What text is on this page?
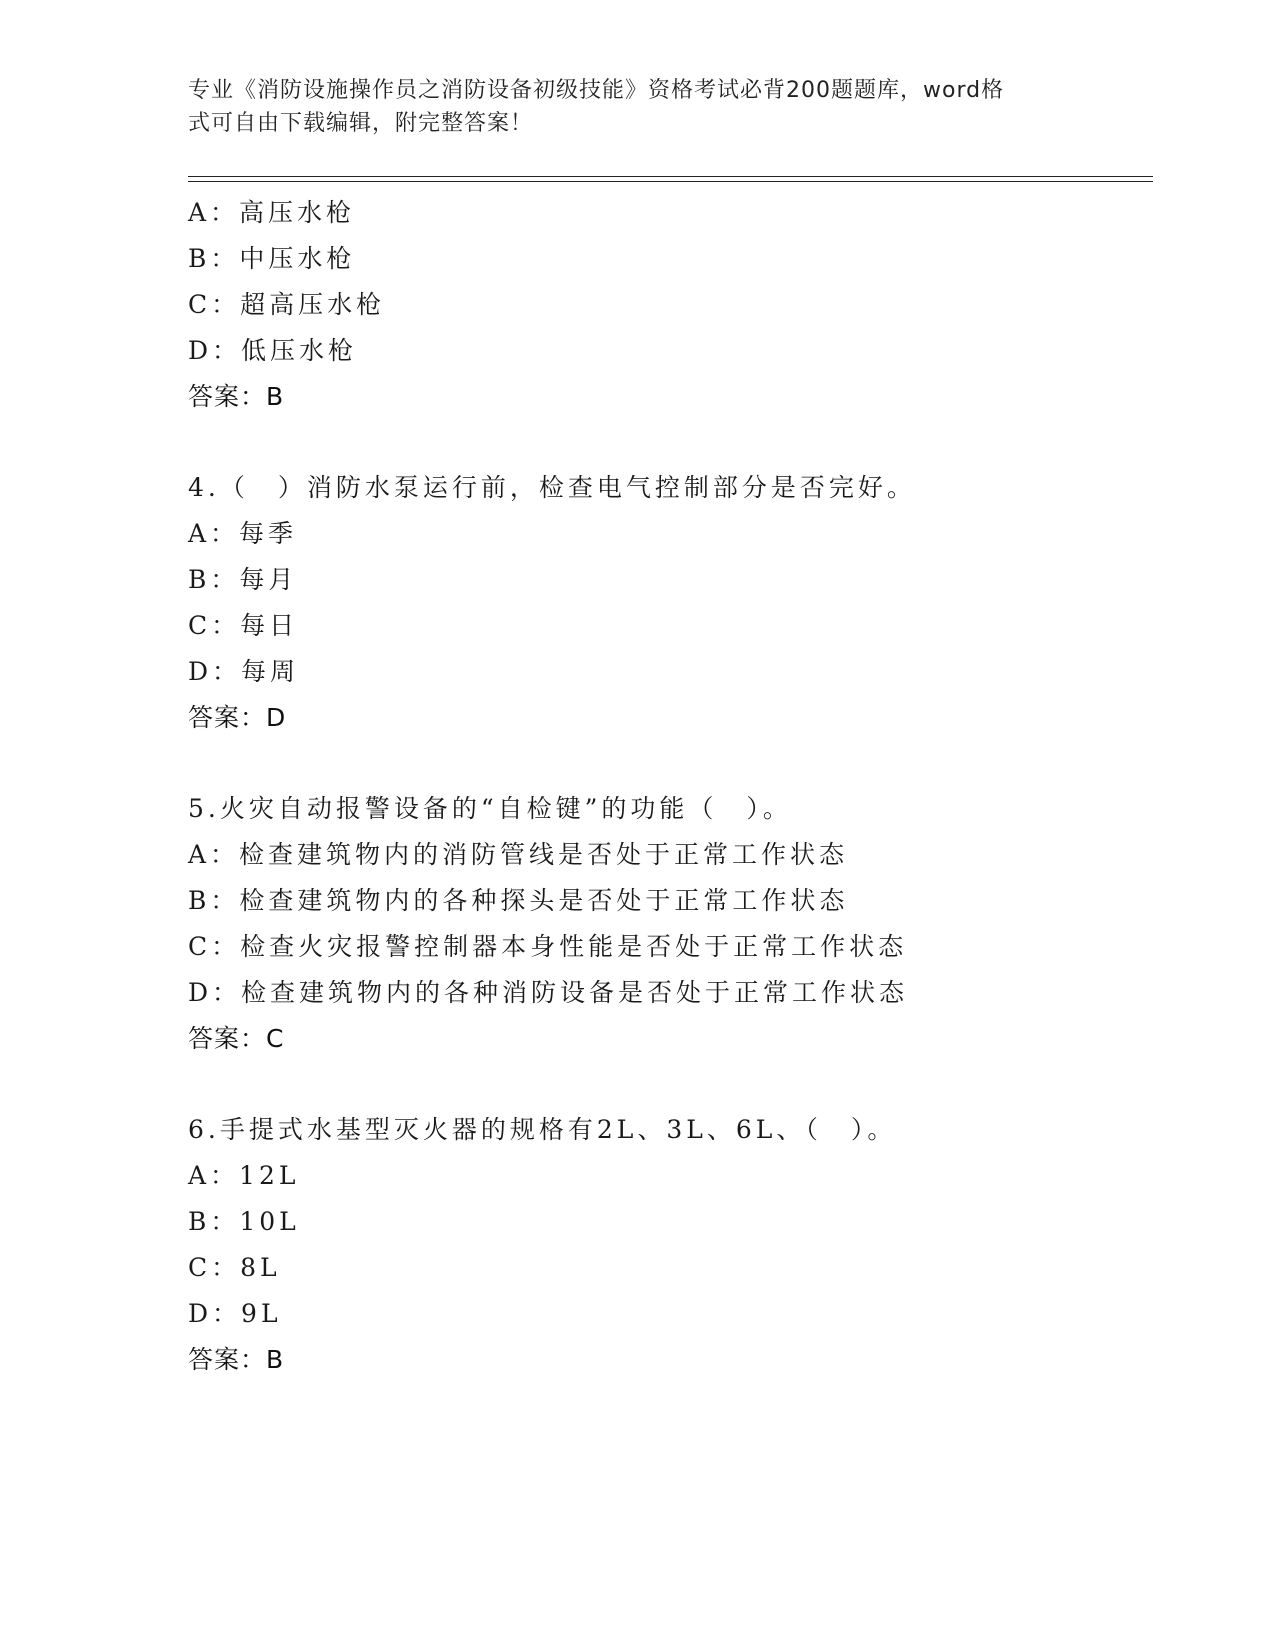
专业《消防设施操作员之消防设备初级技能》资格考试必背200题题库，word格
式可自由下载编辑，附完整答案！
A：高压水枪
B：中压水枪
C：超高压水枪
D：低压水枪
答案：B
4.（　）消防水泵运行前，检查电气控制部分是否完好。
A：每季
B：每月
C：每日
D：每周
答案：D
5.火灾自动报警设备的“自检键”的功能（　）。
A：检查建筑物内的消防管线是否处于正常工作状态
B：检查建筑物内的各种探头是否处于正常工作状态
C：检查火灾报警控制器本身性能是否处于正常工作状态
D：检查建筑物内的各种消防设备是否处于正常工作状态
答案：C
6.手提式水基型灭火器的规格有2L、3L、6L、（　）。
A：12L
B：10L
C：8L
D：9L
答案：B
